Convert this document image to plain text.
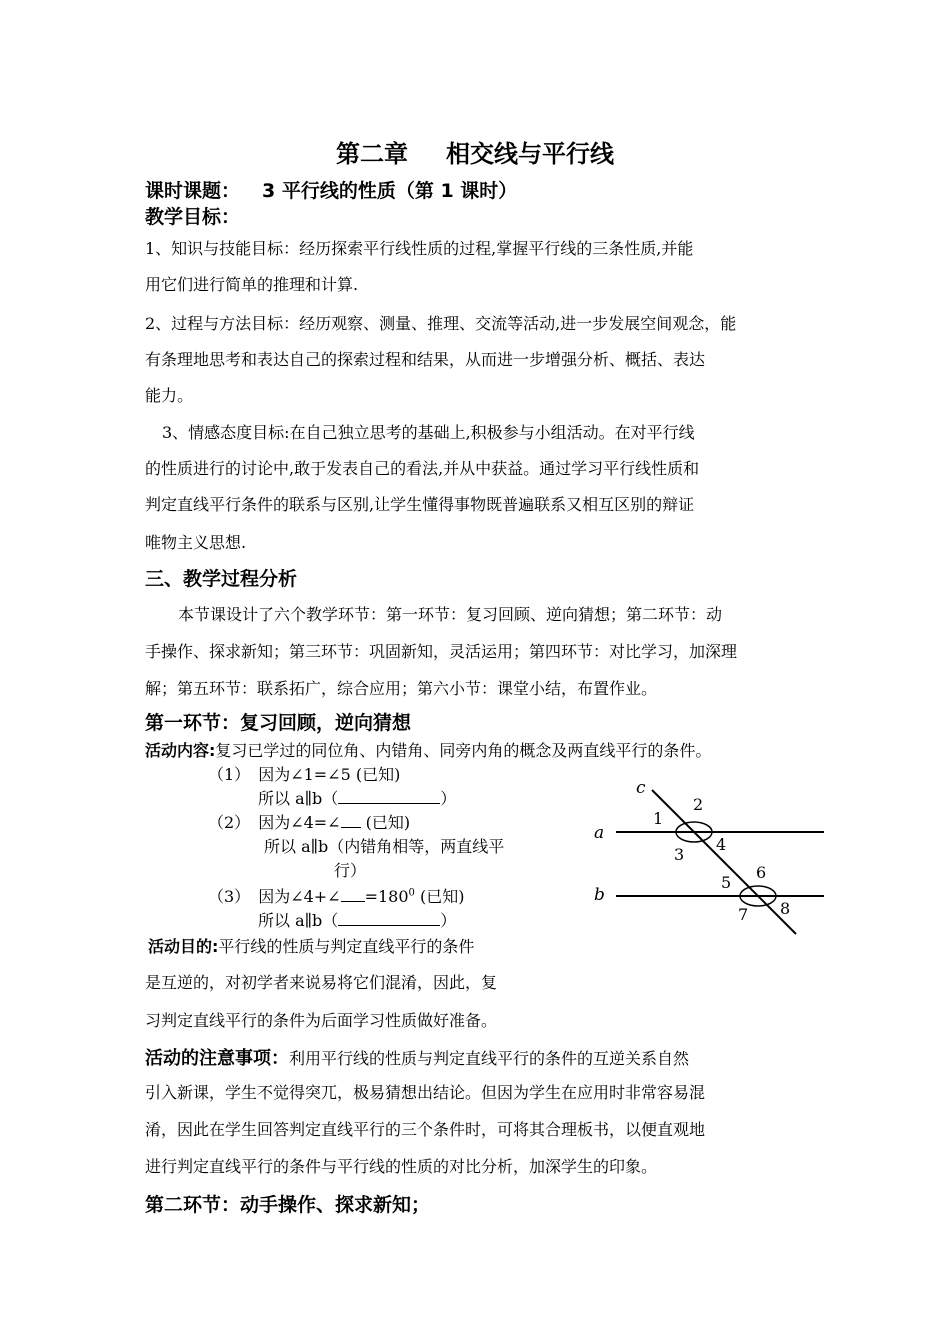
第二章 相交线与平行线
课时课题： 3 平行线的性质（第 1 课时）
教学目标：
1、知识与技能目标：经历探索平行线性质的过程,掌握平行线的三条性质,并能
用它们进行简单的推理和计算.
2、过程与方法目标：经历观察、测量、推理、交流等活动,进一步发展空间观念，能
有条理地思考和表达自己的探索过程和结果，从而进一步增强分析、概括、表达
能力。
3、情感态度目标:在自己独立思考的基础上,积极参与小组活动。在对平行线
的性质进行的讨论中,敢于发表自己的看法,并从中获益。通过学习平行线性质和
判定直线平行条件的联系与区别,让学生懂得事物既普遍联系又相互区别的辩证
唯物主义思想.
三、教学过程分析
本节课设计了六个教学环节：第一环节：复习回顾、逆向猜想；第二环节：动
手操作、探求新知；第三环节：巩固新知，灵活运用；第四环节：对比学习，加深理
解；第五环节：联系拓广，综合应用；第六小节：课堂小结，布置作业。
第一环节：复习回顾，逆向猜想
活动内容:复习已学过的同位角、内错角、同旁内角的概念及两直线平行的条件。
（1） 因为∠1=∠5 (已知)
所以 a∥b（	）
（2） 因为∠4=∠ (已知)
所以 a∥b（内错角相等，两直线平
行）
（3） 因为∠4+∠ $=180^0$ (已知)
所以 a∥b（	）
活动目的:平行线的性质与判定直线平行的条件
是互逆的，对初学者来说易将它们混淆，因此，复
习判定直线平行的条件为后面学习性质做好准备。
活动的注意事项：利用平行线的性质与判定直线平行的条件的互逆关系自然
引入新课，学生不觉得突兀，极易猜想出结论。但因为学生在应用时非常容易混
淆，因此在学生回答判定直线平行的三个条件时，可将其合理板书，以便直观地
进行判定直线平行的条件与平行线的性质的对比分析，加深学生的印象。
第二环节：动手操作、探求新知；
c
a
b
1
2
3
4
5
6
7 8
